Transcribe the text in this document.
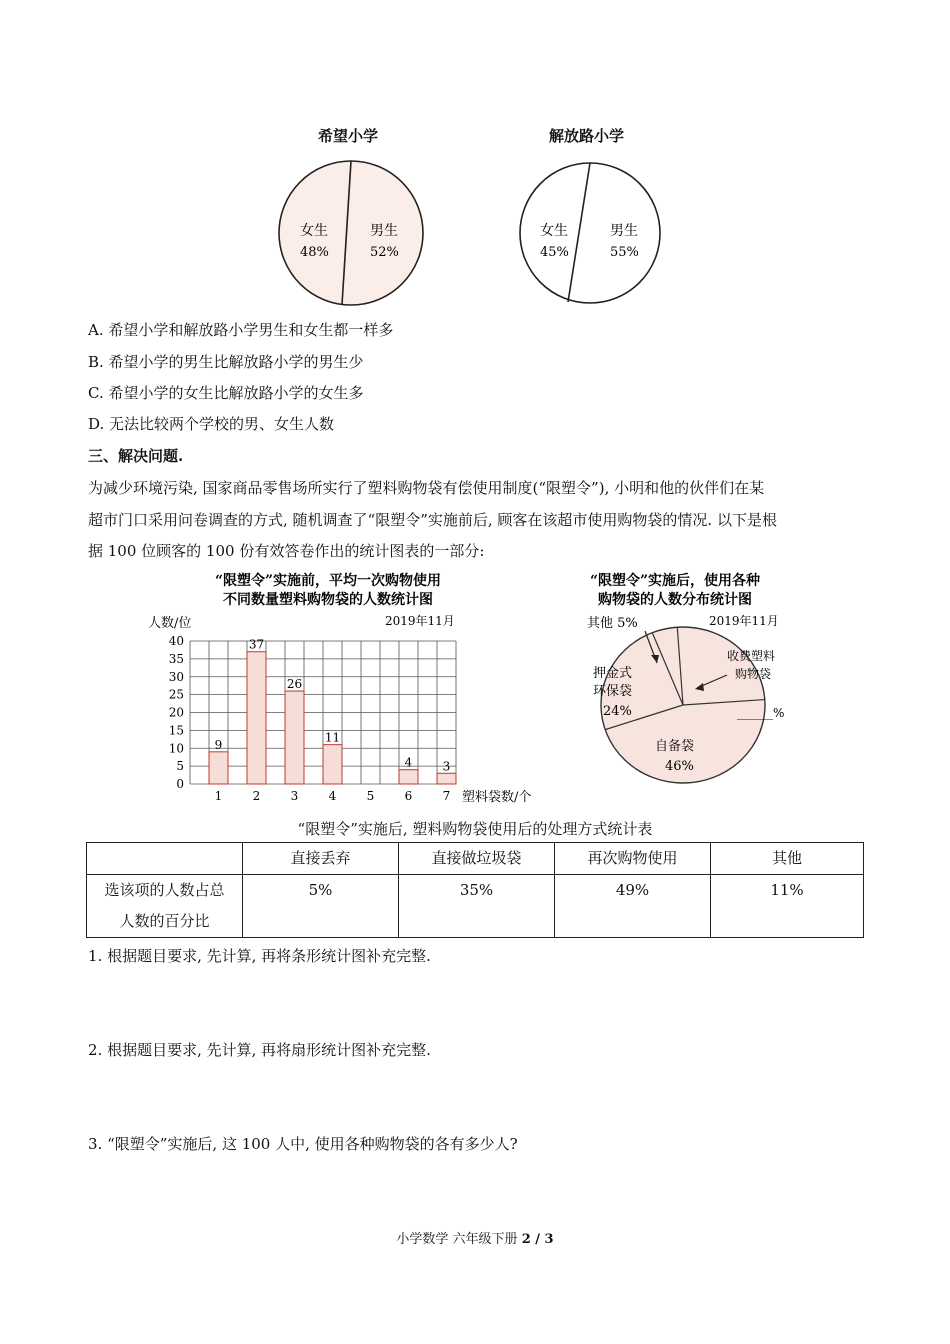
希望小学	解放路小学
女生
48%
男生
52%
女生
45%
男生
55%
A. 希望小学和解放路小学男生和女生都一样多
B. 希望小学的男生比解放路小学的男生少
C. 希望小学的女生比解放路小学的女生多
D. 无法比较两个学校的男、女生人数
三、解决问题.
为减少环境污染, 国家商品零售场所实行了塑料购物袋有偿使用制度(“限塑令”), 小明和他的伙伴们在某
超市门口采用问卷调查的方式, 随机调查了“限塑令”实施前后, 顾客在该超市使用购物袋的情况. 以下是根
据 100 位顾客的 100 份有效答卷作出的统计图表的一部分:
“限塑令”实施前，平均一次购物使用
不同数量塑料购物袋的人数统计图
人数/位	2019年11月
0
5
10
15
20
25
30
35
40
1	2	3	4	5	6	7
9
37
26
11
4	3
塑料袋数/个
“限塑令”实施后，使用各种
购物袋的人数分布统计图
2019年11月
其他 5%
收费塑料
购物袋
______%
押金式
环保袋
24%
自备袋
46%
“限塑令”实施后, 塑料购物袋使用后的处理方式统计表
	直接丢弃	直接做垃圾袋	再次购物使用	其他

选该项的人数占总
人数的百分比	5%	35%	49%	11%
1. 根据题目要求, 先计算, 再将条形统计图补充完整.
2. 根据题目要求, 先计算, 再将扇形统计图补充完整.
3. “限塑令”实施后, 这 100 人中, 使用各种购物袋的各有多少人?
小学数学 六年级下册 2 / 3
